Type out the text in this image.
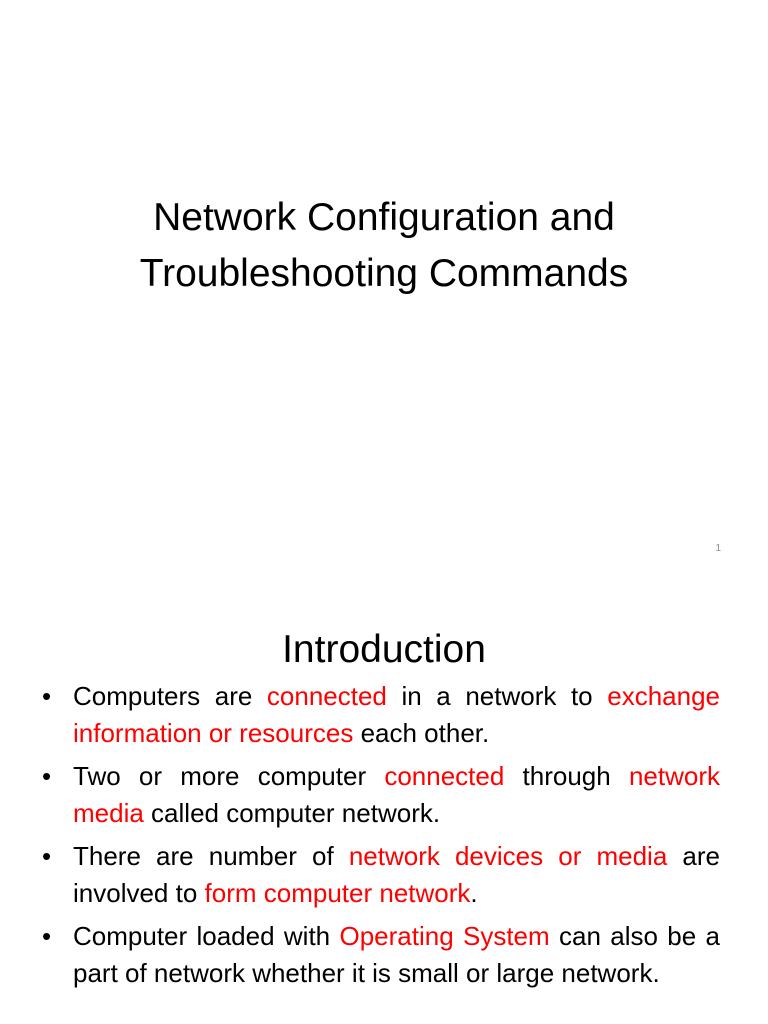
Network Configuration and
Troubleshooting Commands
1
Introduction
• Computers are connected in a network to exchange information or resources each other.

• Two or more computer connected through network media called computer network.

• There are number of network devices or media are involved to form computer network.

• Computer loaded with Operating System can also be a part of network whether it is small or large network.
